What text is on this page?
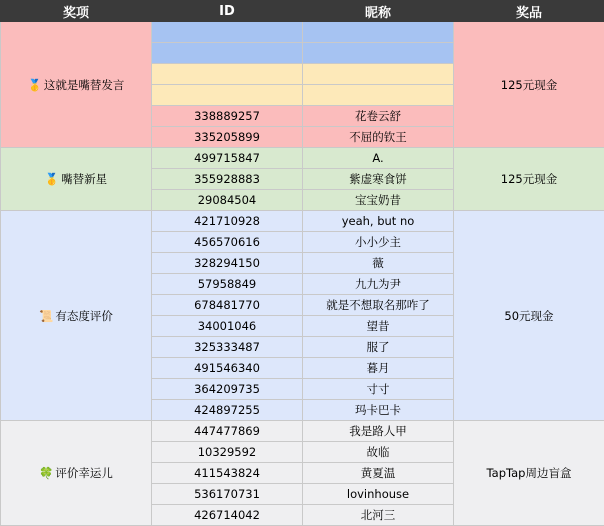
奖项	ID	昵称	奖品
🥇 这就是嘴替发言			125元现金

	338889257	花卷云舒	
	335205899	不屈的钦王	
🥇 嘴替新星	499715847	A.	125元现金
	355928883	紫虚寒食饼	
	29084504	宝宝奶昔	
📜 有态度评价	421710928	yeah, but no	50元现金
	456570616	小小少主	
	328294150	薇	
	57958849	九九为尹	
	678481770	就是不想取名那咋了	
	34001046	望昔	
	325333487	服了	
	491546340	暮月	
	364209735	寸寸	
	424897255	玛卡巴卡	
🍀 评价幸运儿	447477869	我是路人甲	TapTap周边盲盒
	10329592	故临	
	411543824	黄夏温	
	536170731	lovinhouse	
	426714042	北河三	
